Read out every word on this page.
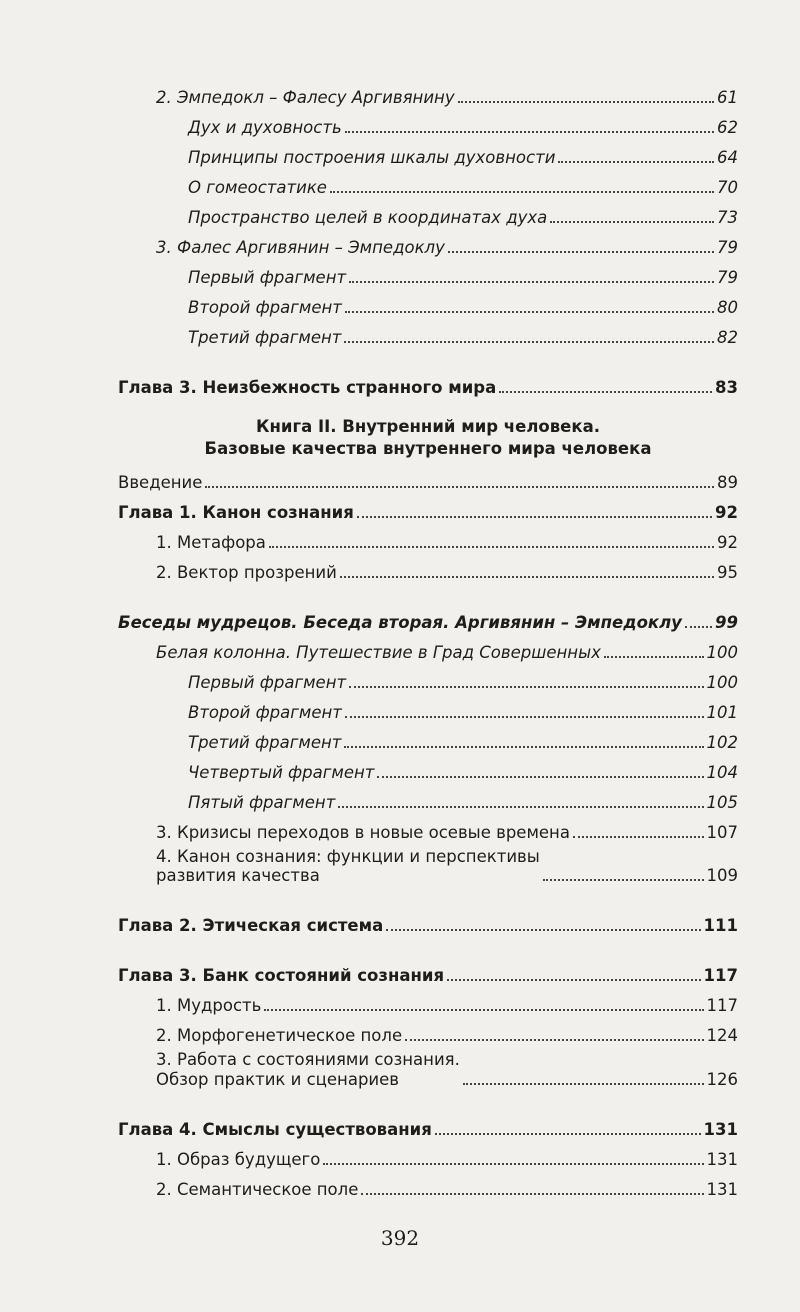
2. Эмпедокл – Фалесу Аргивянину	61
Дух и духовность	62
Принципы построения шкалы духовности	64
О гомеостатике	70
Пространство целей в координатах духа	73
3. Фалес Аргивянин – Эмпедоклу	79
Первый фрагмент	79
Второй фрагмент	80
Третий фрагмент	82
Глава 3. Неизбежность странного мира	83
Книга II. Внутренний мир человека.
Базовые качества внутреннего мира человека
Введение	89
Глава 1. Канон сознания	92
1. Метафора	92
2. Вектор прозрений	95
Беседы мудрецов. Беседа вторая. Аргивянин – Эмпедоклу 99
Белая колонна. Путешествие в Град Совершенных	100
Первый фрагмент	100
Второй фрагмент	101
Третий фрагмент	102
Четвертый фрагмент	104
Пятый фрагмент	105
3. Кризисы переходов в новые осевые времена	107
4. Канон сознания: функции и перспективы
развития качества	109
Глава 2. Этическая система	111
Глава 3. Банк состояний сознания	117
1. Мудрость	117
2. Морфогенетическое поле	124
3. Работа с состояниями сознания.
Обзор практик и сценариев	126
Глава 4. Смыслы существования	131
1. Образ будущего	131
2. Семантическое поле	131
392
